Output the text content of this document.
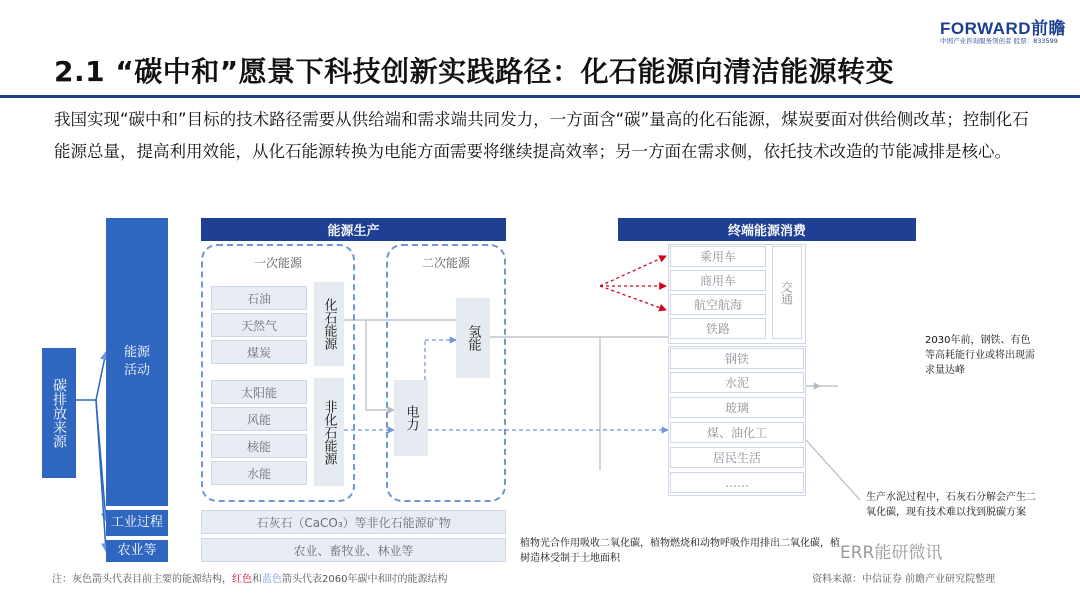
FORWARD前瞻
中国产业咨询服务领创者 股票：833599
2.1 “碳中和”愿景下科技创新实践路径：化石能源向清洁能源转变
我国实现“碳中和”目标的技术路径需要从供给端和需求端共同发力，一方面含“碳”量高的化石能源，煤炭要面对供给侧改革；控制化石能源总量，提高利用效能，从化石能源转换为电能方面需要将继续提高效率；另一方面在需求侧，依托技术改造的节能减排是核心。
碳排放来源
能源活动
工业过程
农业等
能源生产
一次能源
石油
天然气
煤炭
化石能源
太阳能
风能
核能
水能
非化石能源
二次能源
氢能
电力
石灰石（CaCO₃）等非化石能源矿物
农业、畜牧业、林业等
终端能源消费
乘用车
商用车
航空航海
铁路
交通
钢铁
水泥
玻璃
煤、油化工
居民生活
……
2030年前，钢铁、有色等高耗能行业或将出现需求量达峰
生产水泥过程中，石灰石分解会产生二氧化碳，现有技术难以找到脱碳方案
植物光合作用吸收二氧化碳，植物燃烧和动物呼吸作用排出二氧化碳，植树造林受制于土地面积
注：灰色箭头代表目前主要的能源结构，红色和蓝色箭头代表2060年碳中和时的能源结构	资料来源：中信证券 前瞻产业研究院整理
ERR能研微讯
